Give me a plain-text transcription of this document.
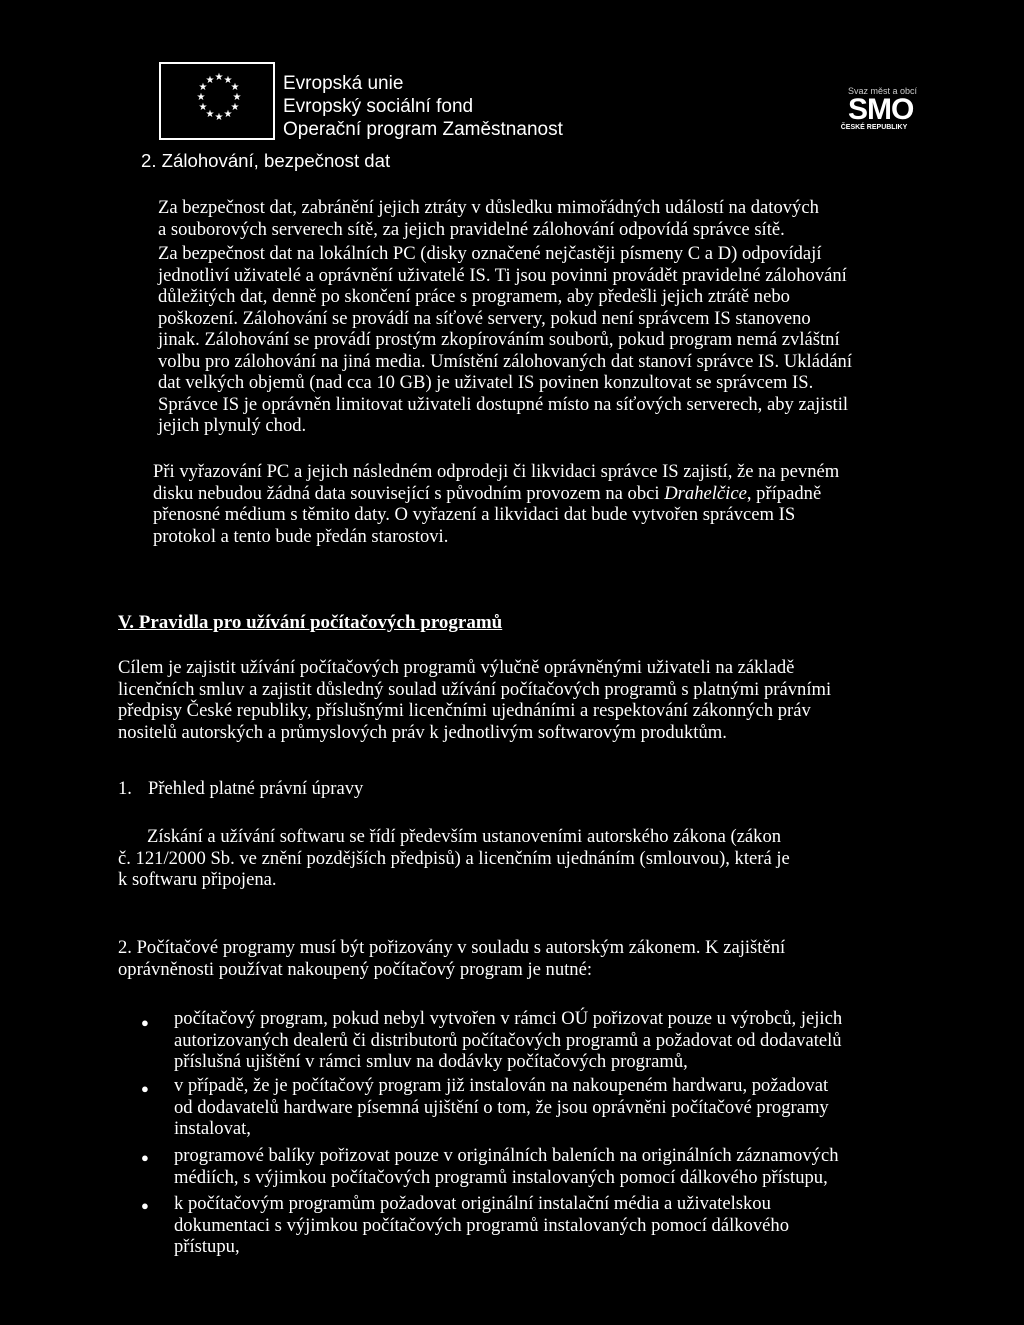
★ ★ ★
★ ★
★	★
★ ★
★ ★ ★
Evropská unie
Evropský sociální fond
Operační program Zaměstnanost
Svaz měst a obcí
SMO
ČESKÉ REPUBLIKY
2. Zálohování, bezpečnost dat
Za bezpečnost dat, zabránění jejich ztráty v důsledku mimořádných událostí na datových
a souborových serverech sítě, za jejich pravidelné zálohování odpovídá správce sítě.
Za bezpečnost dat na lokálních PC (disky označené nejčastěji písmeny C a D) odpovídají
jednotliví uživatelé a oprávnění uživatelé IS. Ti jsou povinni provádět pravidelné zálohování
důležitých dat, denně po skončení práce s programem, aby předešli jejich ztrátě nebo
poškození. Zálohování se provádí na síťové servery, pokud není správcem IS stanoveno
jinak. Zálohování se provádí prostým zkopírováním souborů, pokud program nemá zvláštní
volbu pro zálohování na jiná media. Umístění zálohovaných dat stanoví správce IS. Ukládání
dat velkých objemů (nad cca 10 GB) je uživatel IS povinen konzultovat se správcem IS.
Správce IS je oprávněn limitovat uživateli dostupné místo na síťových serverech, aby zajistil
jejich plynulý chod.
Při vyřazování PC a jejich následném odprodeji či likvidaci správce IS zajistí, že na pevném
disku nebudou žádná data související s původním provozem na obci Drahelčice, případně
přenosné médium s těmito daty. O vyřazení a likvidaci dat bude vytvořen správcem IS
protokol a tento bude předán starostovi.
V. Pravidla pro užívání počítačových programů
Cílem je zajistit užívání počítačových programů výlučně oprávněnými uživateli na základě
licenčních smluv a zajistit důsledný soulad užívání počítačových programů s platnými právními
předpisy České republiky, příslušnými licenčními ujednáními a respektování zákonných práv
nositelů autorských a průmyslových práv k jednotlivým softwarovým produktům.
1. Přehled platné právní úpravy
Získání a užívání softwaru se řídí především ustanoveními autorského zákona (zákon
č. 121/2000 Sb. ve znění pozdějších předpisů) a licenčním ujednáním (smlouvou), která je
k softwaru připojena.
2. Počítačové programy musí být pořizovány v souladu s autorským zákonem. K zajištění
oprávněnosti používat nakoupený počítačový program je nutné:
● počítačový program, pokud nebyl vytvořen v rámci OÚ pořizovat pouze u výrobců, jejich
autorizovaných dealerů či distributorů počítačových programů a požadovat od dodavatelů
příslušná ujištění v rámci smluv na dodávky počítačových programů,
● v případě, že je počítačový program již instalován na nakoupeném hardwaru, požadovat
od dodavatelů hardware písemná ujištění o tom, že jsou oprávněni počítačové programy
instalovat,
● programové balíky pořizovat pouze v originálních baleních na originálních záznamových
médiích, s výjimkou počítačových programů instalovaných pomocí dálkového přístupu,
● k počítačovým programům požadovat originální instalační média a uživatelskou
dokumentaci s výjimkou počítačových programů instalovaných pomocí dálkového
přístupu,
